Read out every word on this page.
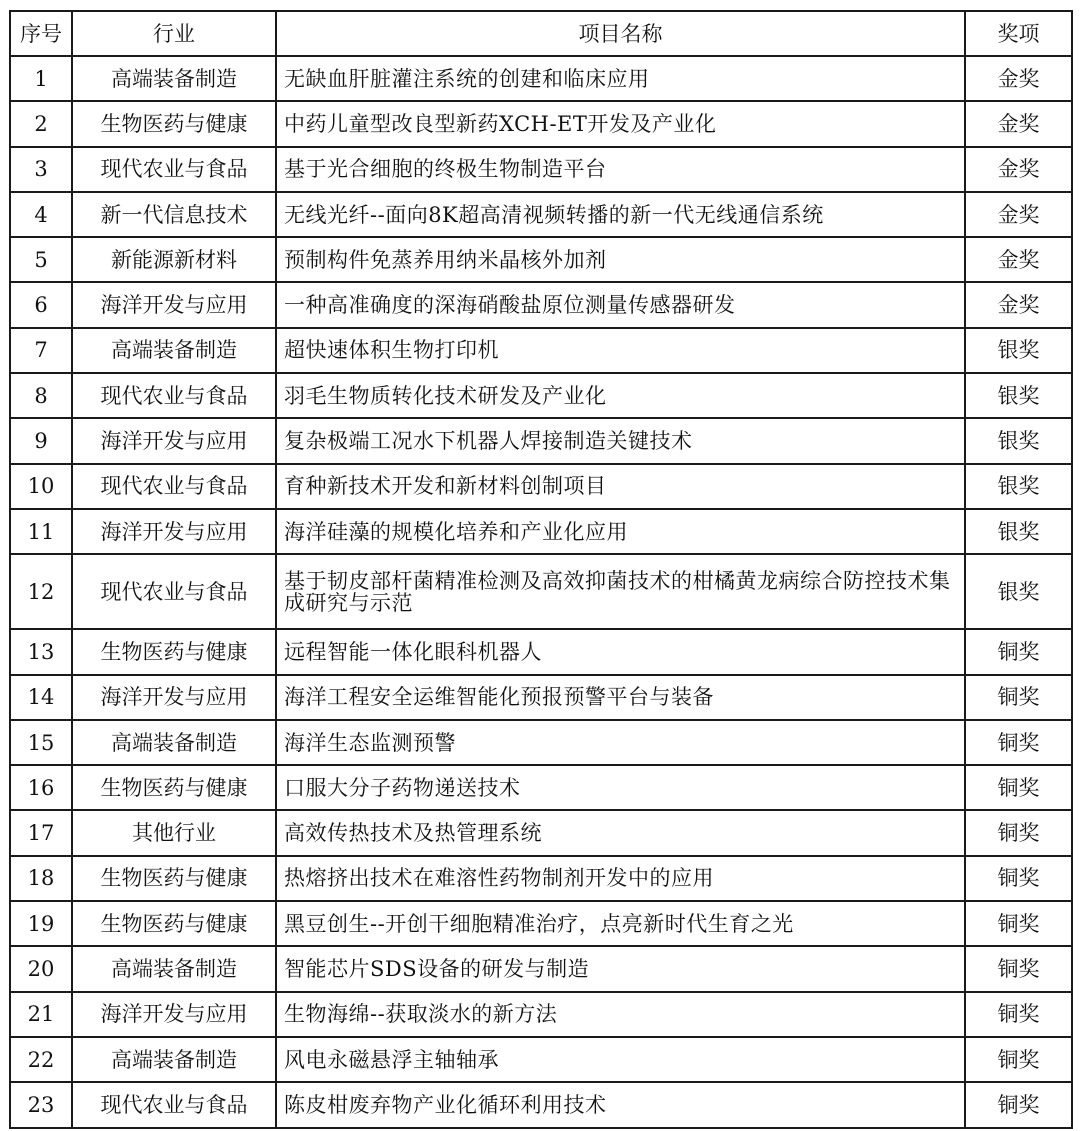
序号	行业	项目名称	奖项
1	高端装备制造	无缺血肝脏灌注系统的创建和临床应用	金奖
2	生物医药与健康	中药儿童型改良型新药XCH-ET开发及产业化	金奖
3	现代农业与食品	基于光合细胞的终极生物制造平台	金奖
4	新一代信息技术	无线光纤--面向8K超高清视频转播的新一代无线通信系统	金奖
5	新能源新材料	预制构件免蒸养用纳米晶核外加剂	金奖
6	海洋开发与应用	一种高准确度的深海硝酸盐原位测量传感器研发	金奖
7	高端装备制造	超快速体积生物打印机	银奖
8	现代农业与食品	羽毛生物质转化技术研发及产业化	银奖
9	海洋开发与应用	复杂极端工况水下机器人焊接制造关键技术	银奖
10	现代农业与食品	育种新技术开发和新材料创制项目	银奖
11	海洋开发与应用	海洋硅藻的规模化培养和产业化应用	银奖
12	现代农业与食品	基于韧皮部杆菌精准检测及高效抑菌技术的柑橘黄龙病综合防控技术集成研究与示范	银奖
13	生物医药与健康	远程智能一体化眼科机器人	铜奖
14	海洋开发与应用	海洋工程安全运维智能化预报预警平台与装备	铜奖
15	高端装备制造	海洋生态监测预警	铜奖
16	生物医药与健康	口服大分子药物递送技术	铜奖
17	其他行业	高效传热技术及热管理系统	铜奖
18	生物医药与健康	热熔挤出技术在难溶性药物制剂开发中的应用	铜奖
19	生物医药与健康	黑豆创生--开创干细胞精准治疗，点亮新时代生育之光	铜奖
20	高端装备制造	智能芯片SDS设备的研发与制造	铜奖
21	海洋开发与应用	生物海绵--获取淡水的新方法	铜奖
22	高端装备制造	风电永磁悬浮主轴轴承	铜奖
23	现代农业与食品	陈皮柑废弃物产业化循环利用技术	铜奖
